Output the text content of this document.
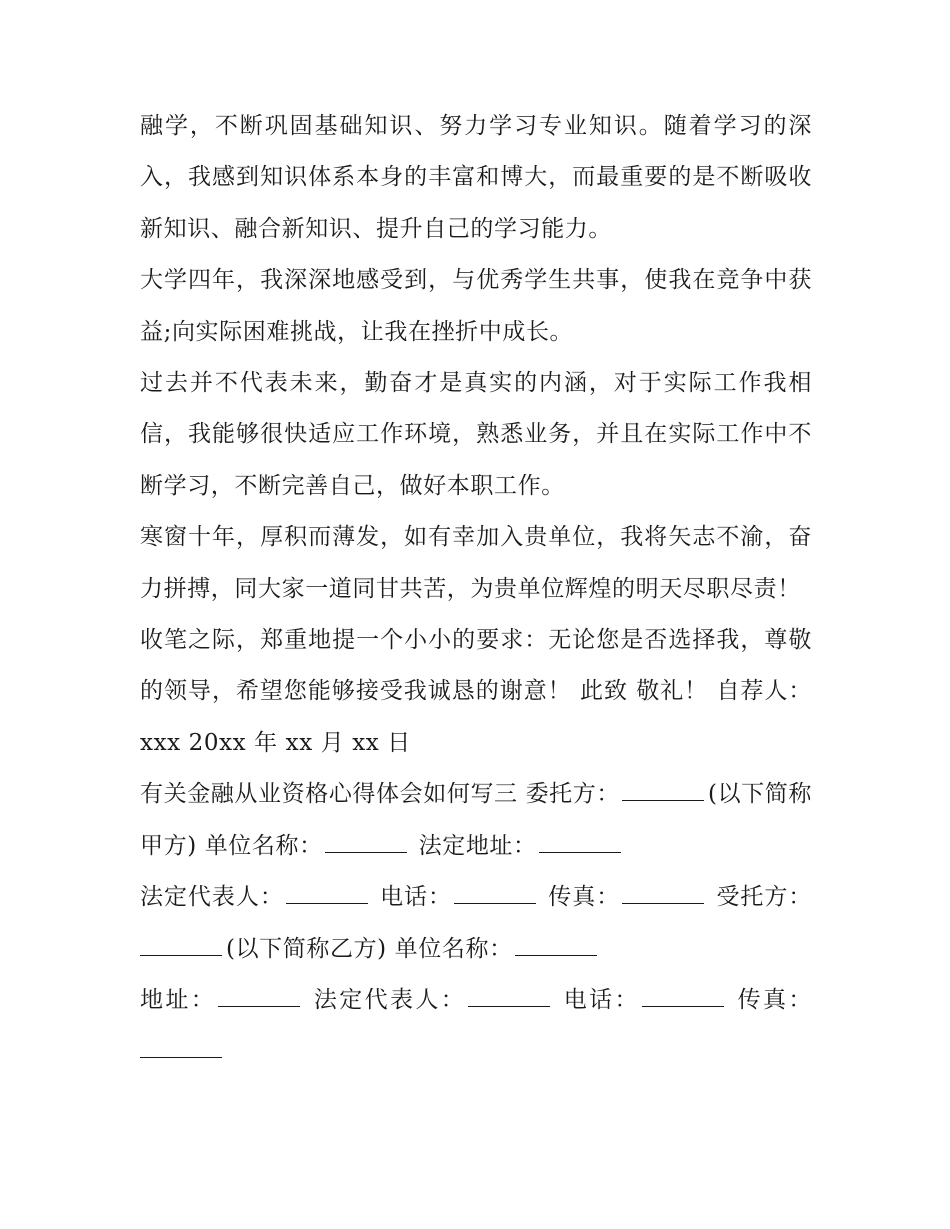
融学，不断巩固基础知识、努力学习专业知识。随着学习的深入，我感到知识体系本身的丰富和博大，而最重要的是不断吸收新知识、融合新知识、提升自己的学习能力。

大学四年，我深深地感受到，与优秀学生共事，使我在竞争中获益;向实际困难挑战，让我在挫折中成长。

过去并不代表未来，勤奋才是真实的内涵，对于实际工作我相信，我能够很快适应工作环境，熟悉业务，并且在实际工作中不断学习，不断完善自己，做好本职工作。

寒窗十年，厚积而薄发，如有幸加入贵单位，我将矢志不渝，奋力拼搏，同大家一道同甘共苦，为贵单位辉煌的明天尽职尽责！

收笔之际，郑重地提一个小小的要求：无论您是否选择我，尊敬的领导，希望您能够接受我诚恳的谢意！ 此致 敬礼！ 自荐人：xxx 20xx 年 xx 月 xx 日

有关金融从业资格心得体会如何写三 委托方：	(以下简称甲方) 单位名称：	法定地址：

法定代表人：	电话：	传真：	受托方：(以下简称乙方) 单位名称：

地址：	法定代表人：	电话：	传真：
